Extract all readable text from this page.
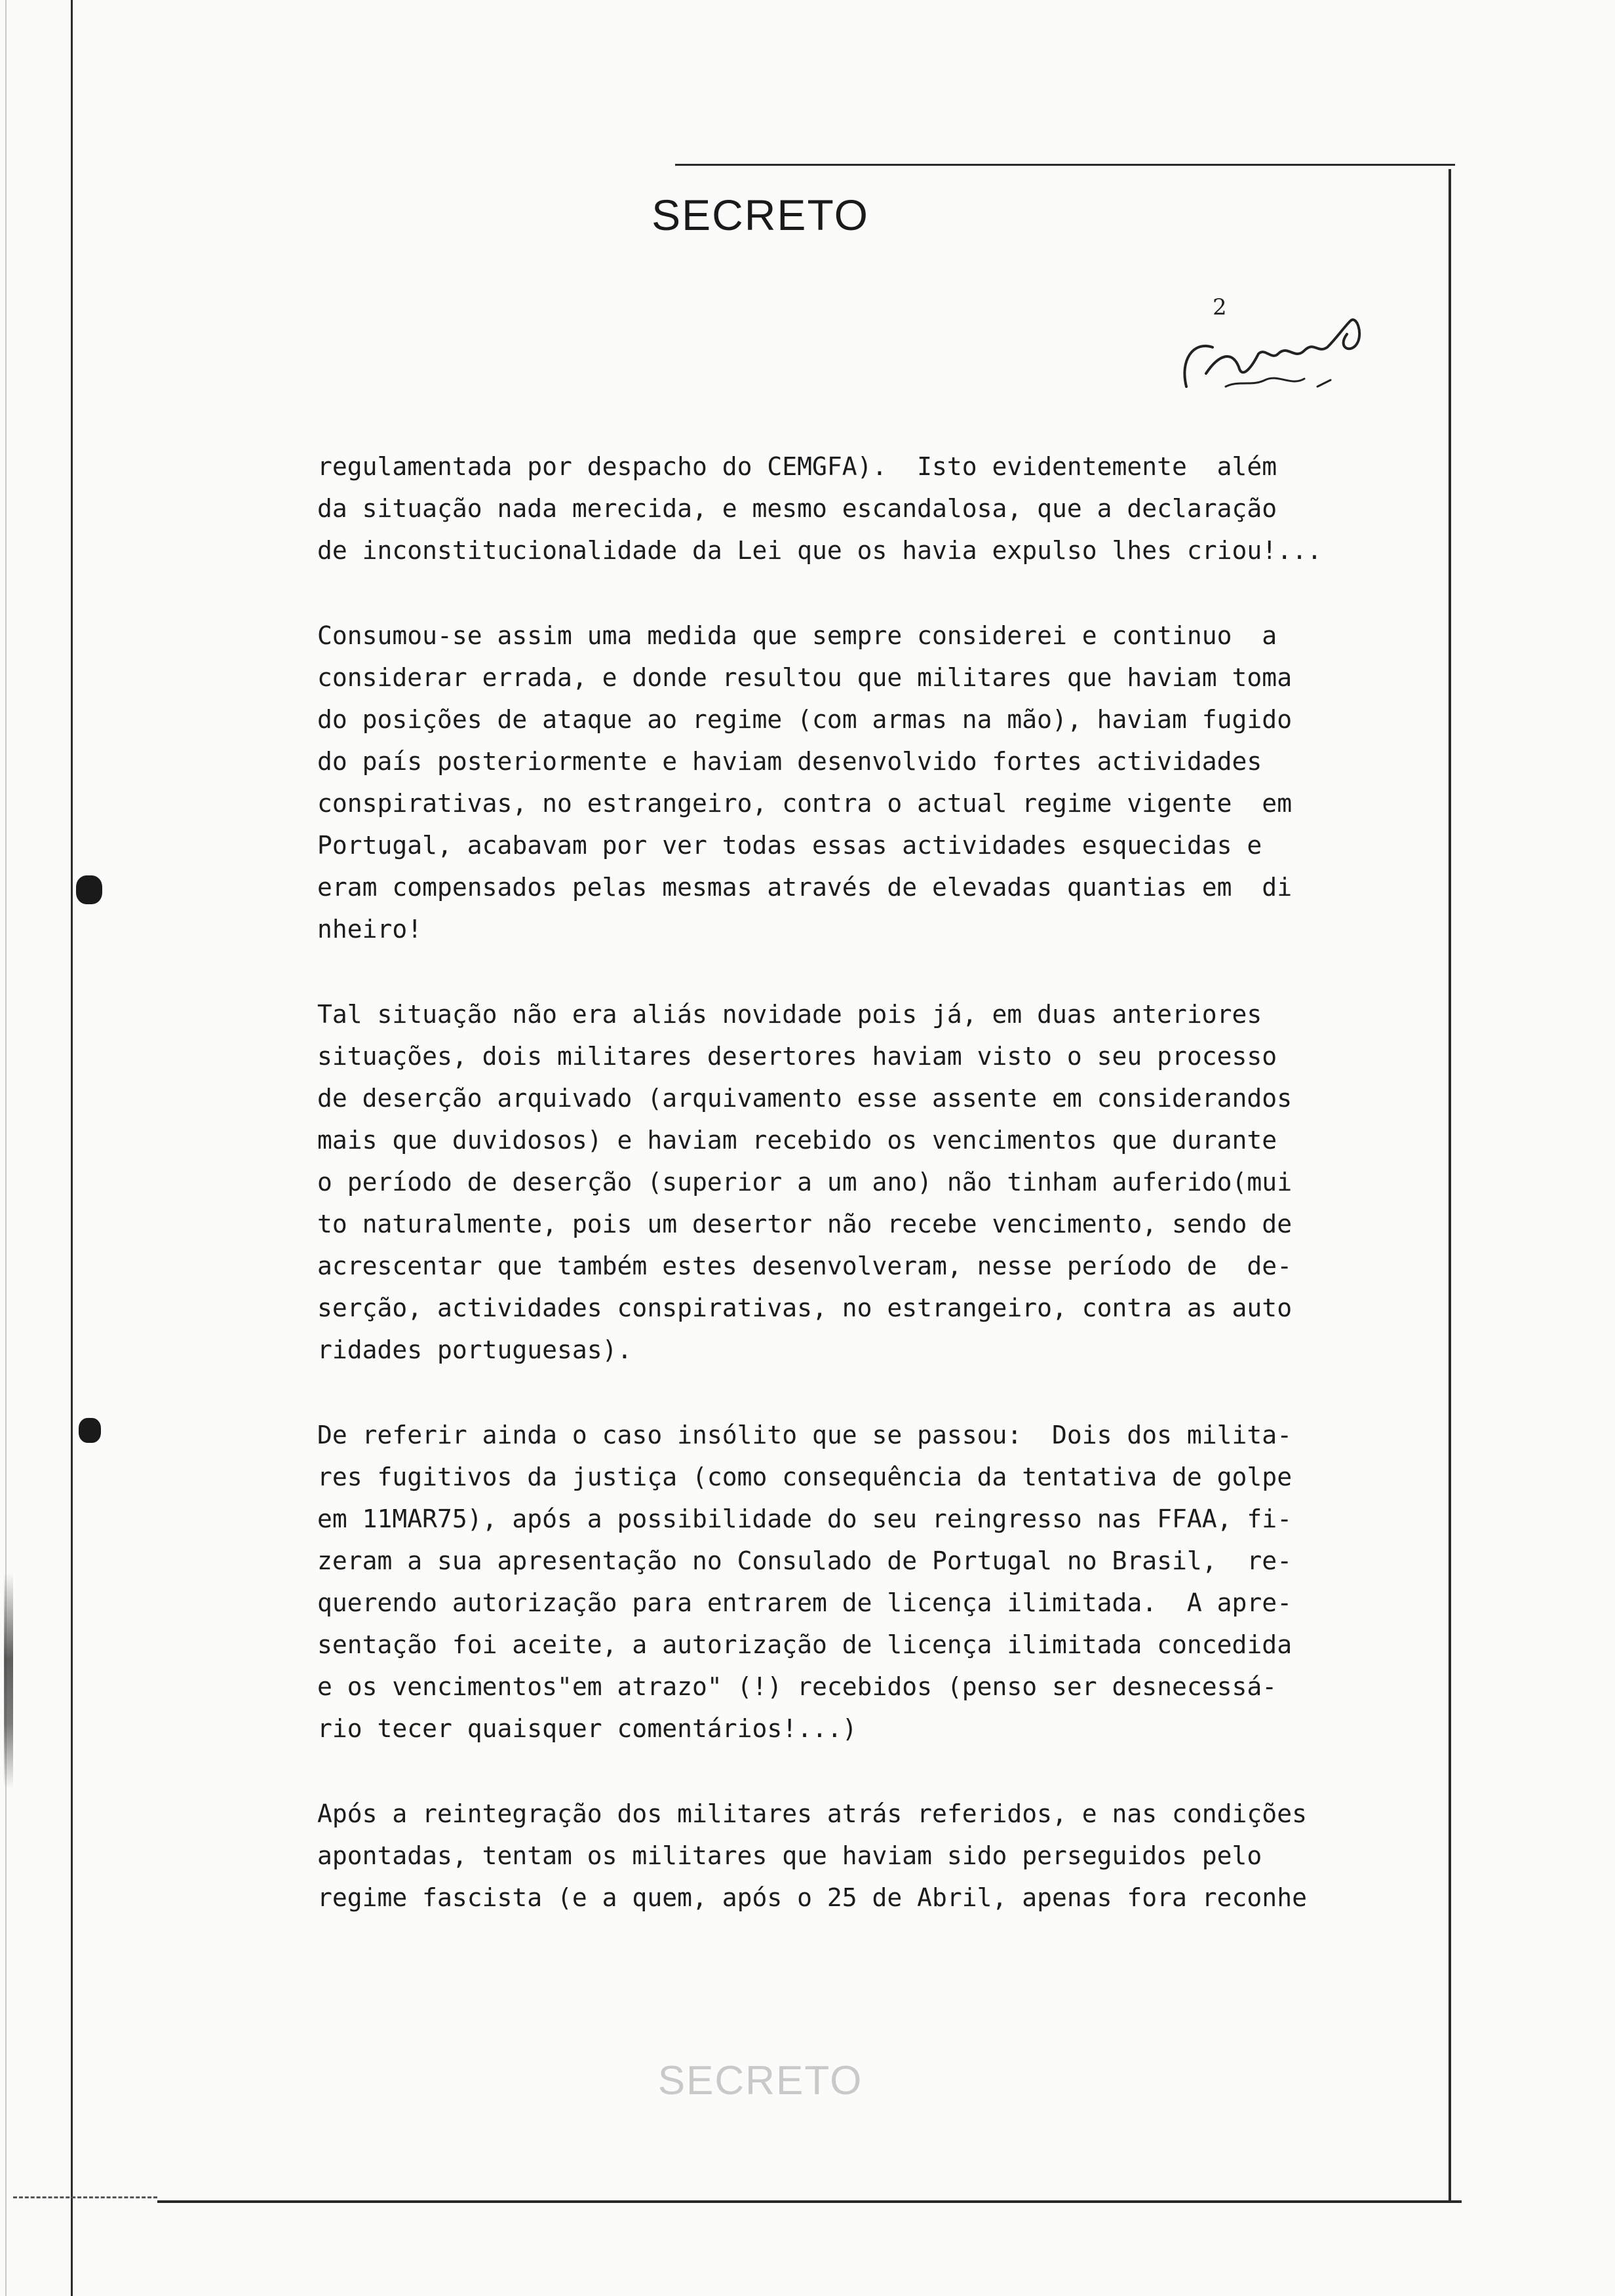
SECRETO
2
regulamentada por despacho do CEMGFA).  Isto evidentemente  além
da situação nada merecida, e mesmo escandalosa, que a declaração
de inconstitucionalidade da Lei que os havia expulso lhes criou!...
Consumou-se assim uma medida que sempre considerei e continuo  a
considerar errada, e donde resultou que militares que haviam toma
do posições de ataque ao regime (com armas na mão), haviam fugido
do país posteriormente e haviam desenvolvido fortes actividades
conspirativas, no estrangeiro, contra o actual regime vigente  em
Portugal, acabavam por ver todas essas actividades esquecidas e
eram compensados pelas mesmas através de elevadas quantias em  di
nheiro!
Tal situação não era aliás novidade pois já, em duas anteriores
situações, dois militares desertores haviam visto o seu processo
de deserção arquivado (arquivamento esse assente em considerandos
mais que duvidosos) e haviam recebido os vencimentos que durante
o período de deserção (superior a um ano) não tinham auferido(mui
to naturalmente, pois um desertor não recebe vencimento, sendo de
acrescentar que também estes desenvolveram, nesse período de  de-
serção, actividades conspirativas, no estrangeiro, contra as auto
ridades portuguesas).
De referir ainda o caso insólito que se passou:  Dois dos milita-
res fugitivos da justiça (como consequência da tentativa de golpe
em 11MAR75), após a possibilidade do seu reingresso nas FFAA, fi-
zeram a sua apresentação no Consulado de Portugal no Brasil,  re-
querendo autorização para entrarem de licença ilimitada.  A apre-
sentação foi aceite, a autorização de licença ilimitada concedida
e os vencimentos"em atrazo" (!) recebidos (penso ser desnecessá-
rio tecer quaisquer comentários!...)
Após a reintegração dos militares atrás referidos, e nas condições
apontadas, tentam os militares que haviam sido perseguidos pelo
regime fascista (e a quem, após o 25 de Abril, apenas fora reconhe
SECRETO
